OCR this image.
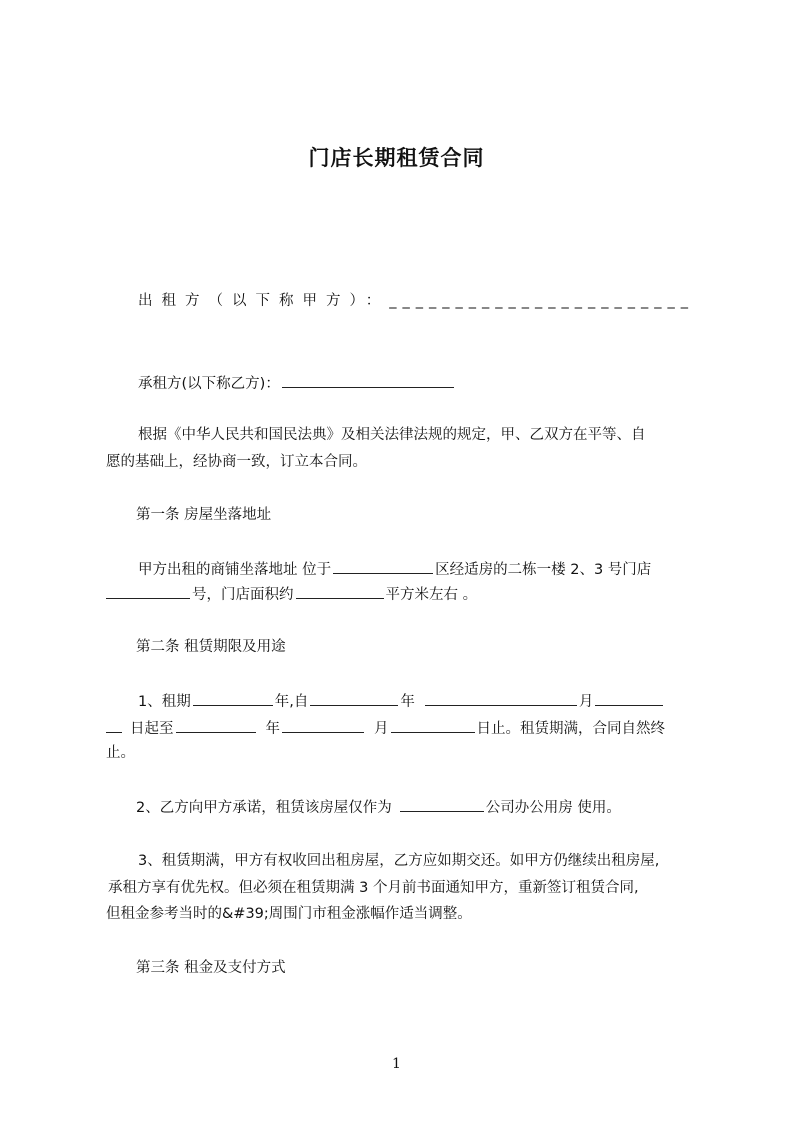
门店长期租赁合同
出租方（以下称甲方）：_______________________
承租方(以下称乙方)：
根据《中华人民共和国民法典》及相关法律法规的规定，甲、乙双方在平等、自
愿的基础上，经协商一致，订立本合同。
第一条 房屋坐落地址
甲方出租的商铺坐落地址 位于	区经适房的二栋一楼 2、3 号门店
号，门店面积约	平方米左右 。
第二条 租赁期限及用途
1、租期	年,自	年	月
日起至	年	月	日止。租赁期满，合同自然终
止。
2、乙方向甲方承诺，租赁该房屋仅作为	公司办公用房 使用。
3、租赁期满，甲方有权收回出租房屋，乙方应如期交还。如甲方仍继续出租房屋,
承租方享有优先权。但必须在租赁期满 3 个月前书面通知甲方，重新签订租赁合同,
但租金参考当时的&#39;周围门市租金涨幅作适当调整。
第三条 租金及支付方式
1
